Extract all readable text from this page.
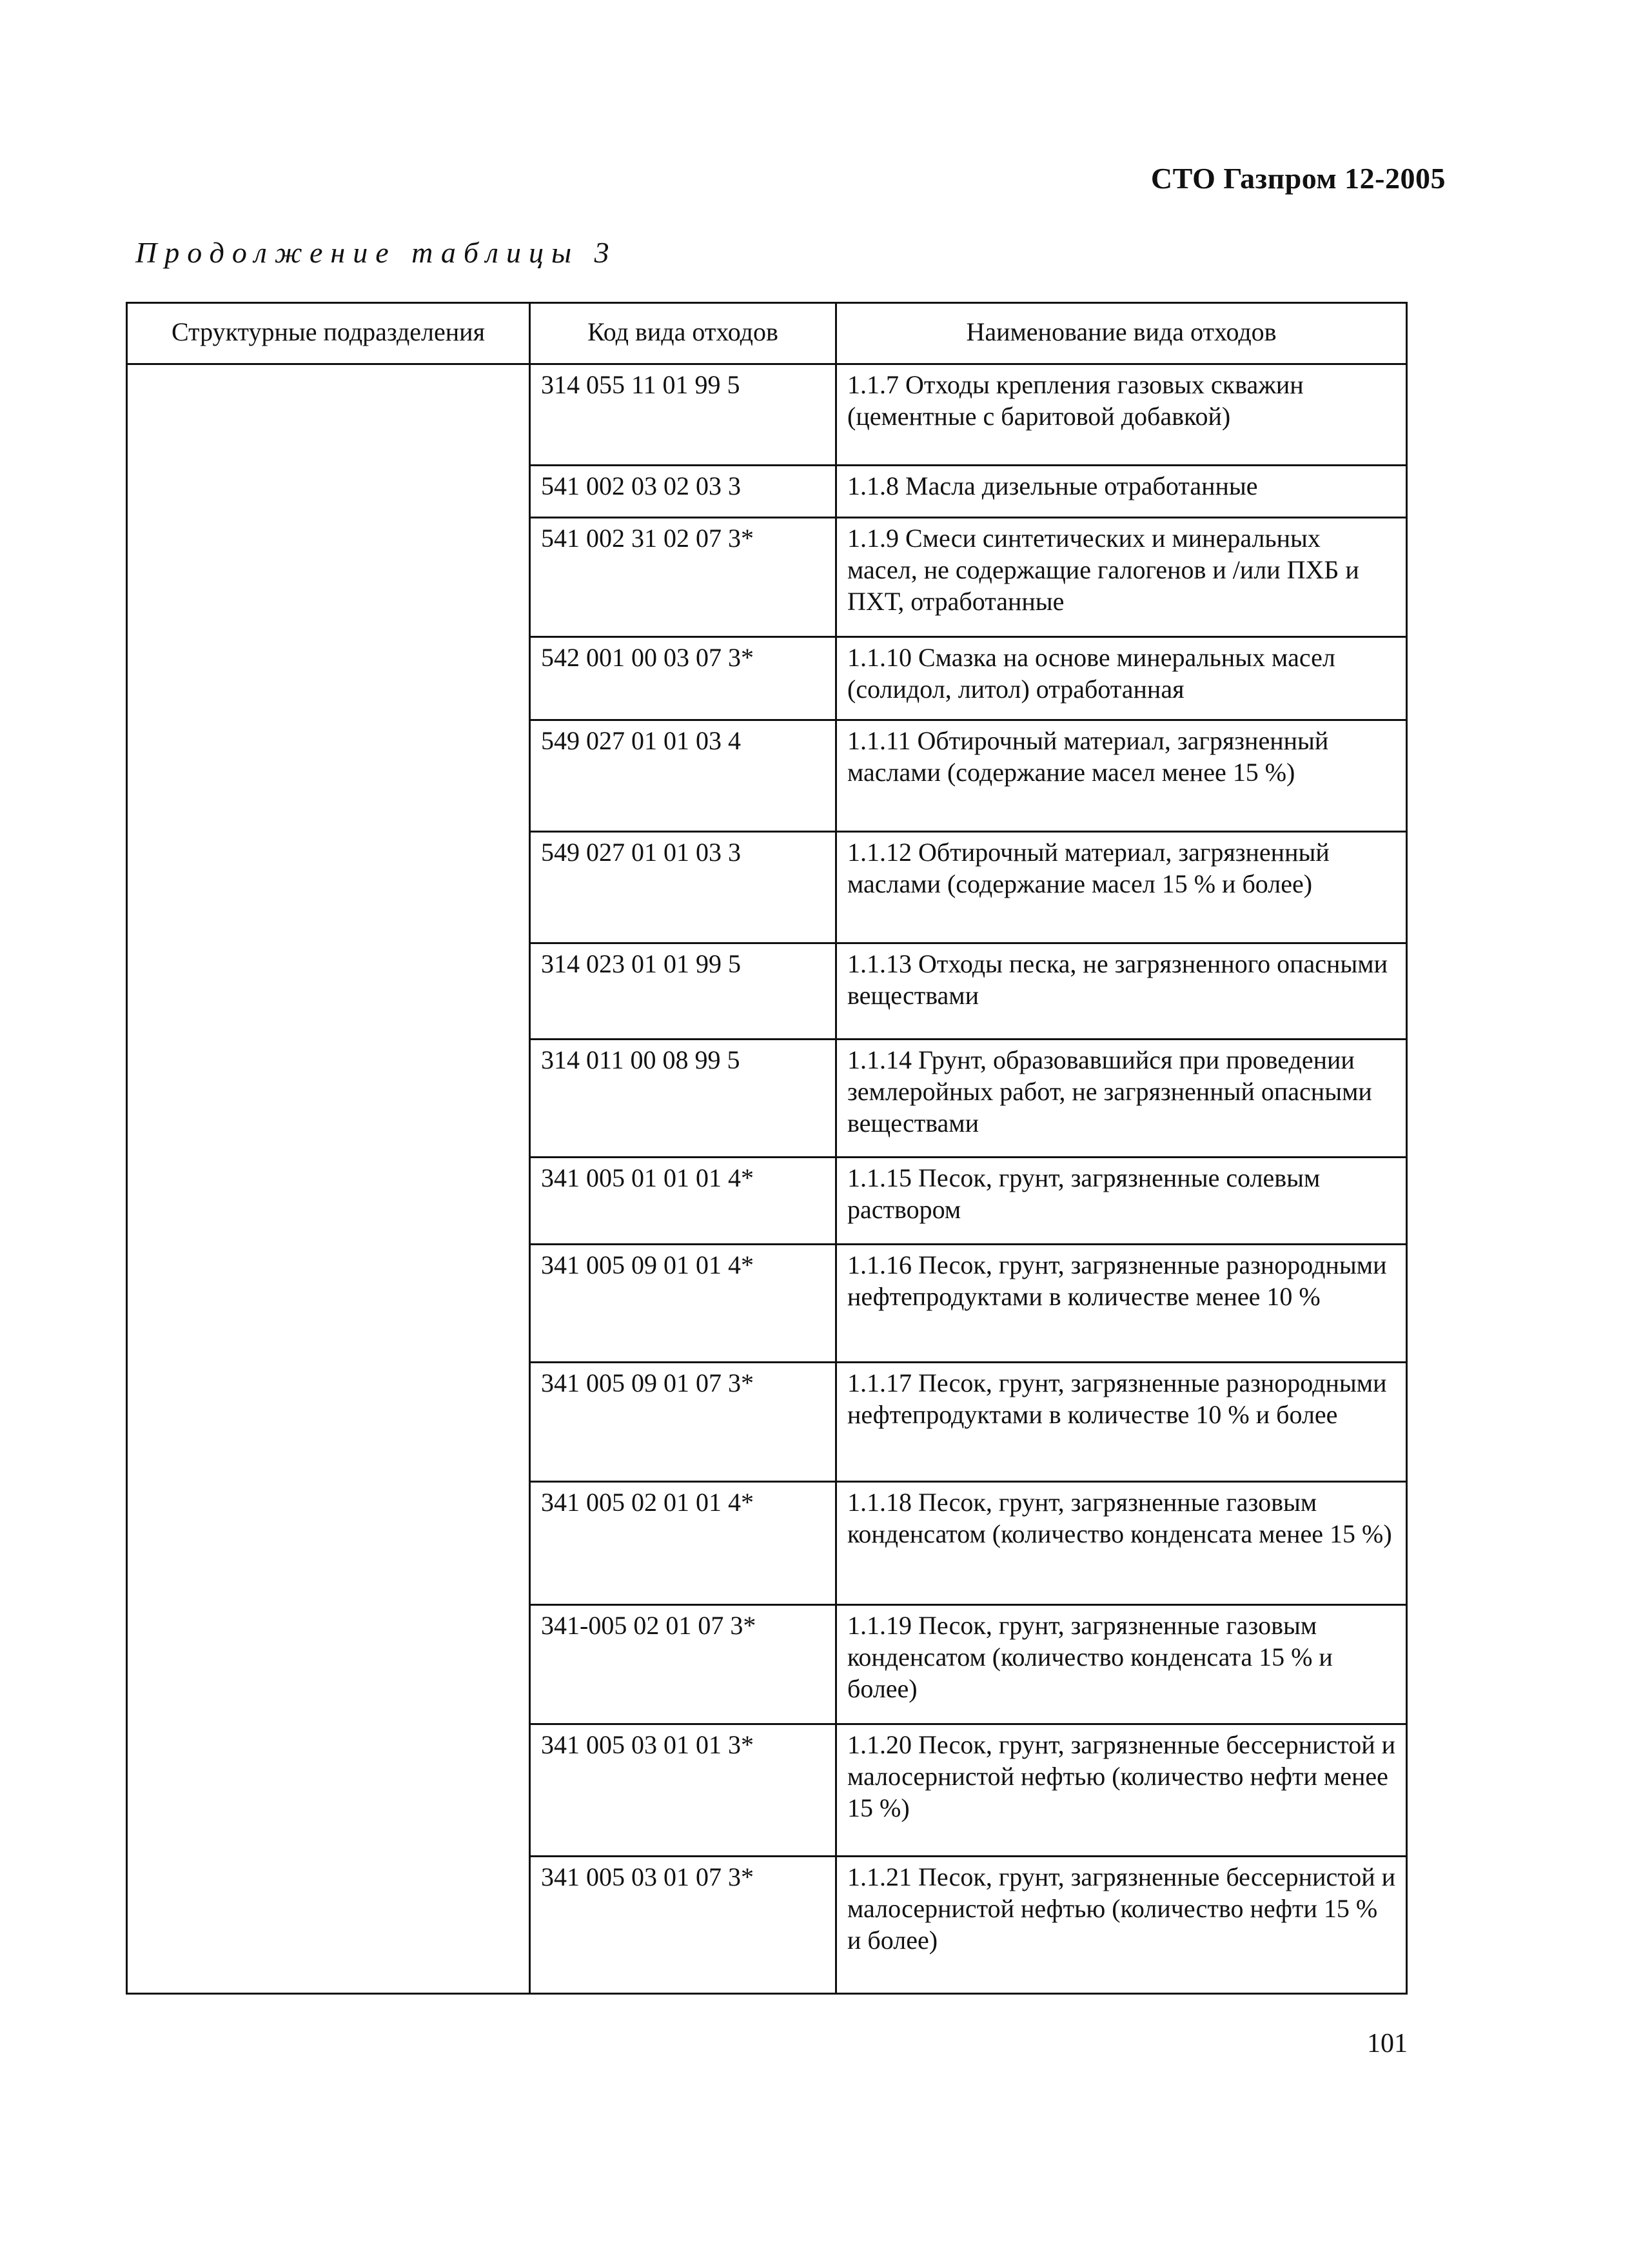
СТО Газпром 12-2005
Продолжение таблицы 3
Структурные подразделения	Код вида отходов	Наименование вида отходов
	314 055 11 01 99 5	1.1.7 Отходы крепления газовых скважин (цементные с баритовой добавкой)
	541 002 03 02 03 3	1.1.8 Масла дизельные отработанные
	541 002 31 02 07 3*	1.1.9 Смеси синтетических и минеральных масел, не содержащие галогенов и /или ПХБ и ПХТ, отработанные
	542 001 00 03 07 3*	1.1.10 Смазка на основе минеральных масел (солидол, литол) отработанная
	549 027 01 01 03 4	1.1.11 Обтирочный материал, загрязненный маслами (содержание масел менее 15 %)
	549 027 01 01 03 3	1.1.12 Обтирочный материал, загрязненный маслами (содержание масел 15 % и более)
	314 023 01 01 99 5	1.1.13 Отходы песка, не загрязненного опасными веществами
	314 011 00 08 99 5	1.1.14 Грунт, образовавшийся при проведении землеройных работ, не загрязненный опасными веществами
	341 005 01 01 01 4*	1.1.15 Песок, грунт, загрязненные солевым раствором
	341 005 09 01 01 4*	1.1.16 Песок, грунт, загрязненные разнородными нефтепродуктами в количестве менее 10 %
	341 005 09 01 07 3*	1.1.17 Песок, грунт, загрязненные разнородными нефтепродуктами в количестве 10 % и более
	341 005 02 01 01 4*	1.1.18 Песок, грунт, загрязненные газовым конденсатом (количество конденсата менее 15 %)
	341-005 02 01 07 3*	1.1.19 Песок, грунт, загрязненные газовым конденсатом (количество конденсата 15 % и более)
	341 005 03 01 01 3*	1.1.20 Песок, грунт, загрязненные бессернистой и малосернистой нефтью (количество нефти менее 15 %)
	341 005 03 01 07 3*	1.1.21 Песок, грунт, загрязненные бессернистой и малосернистой нефтью (количество нефти 15 % и более)
101
